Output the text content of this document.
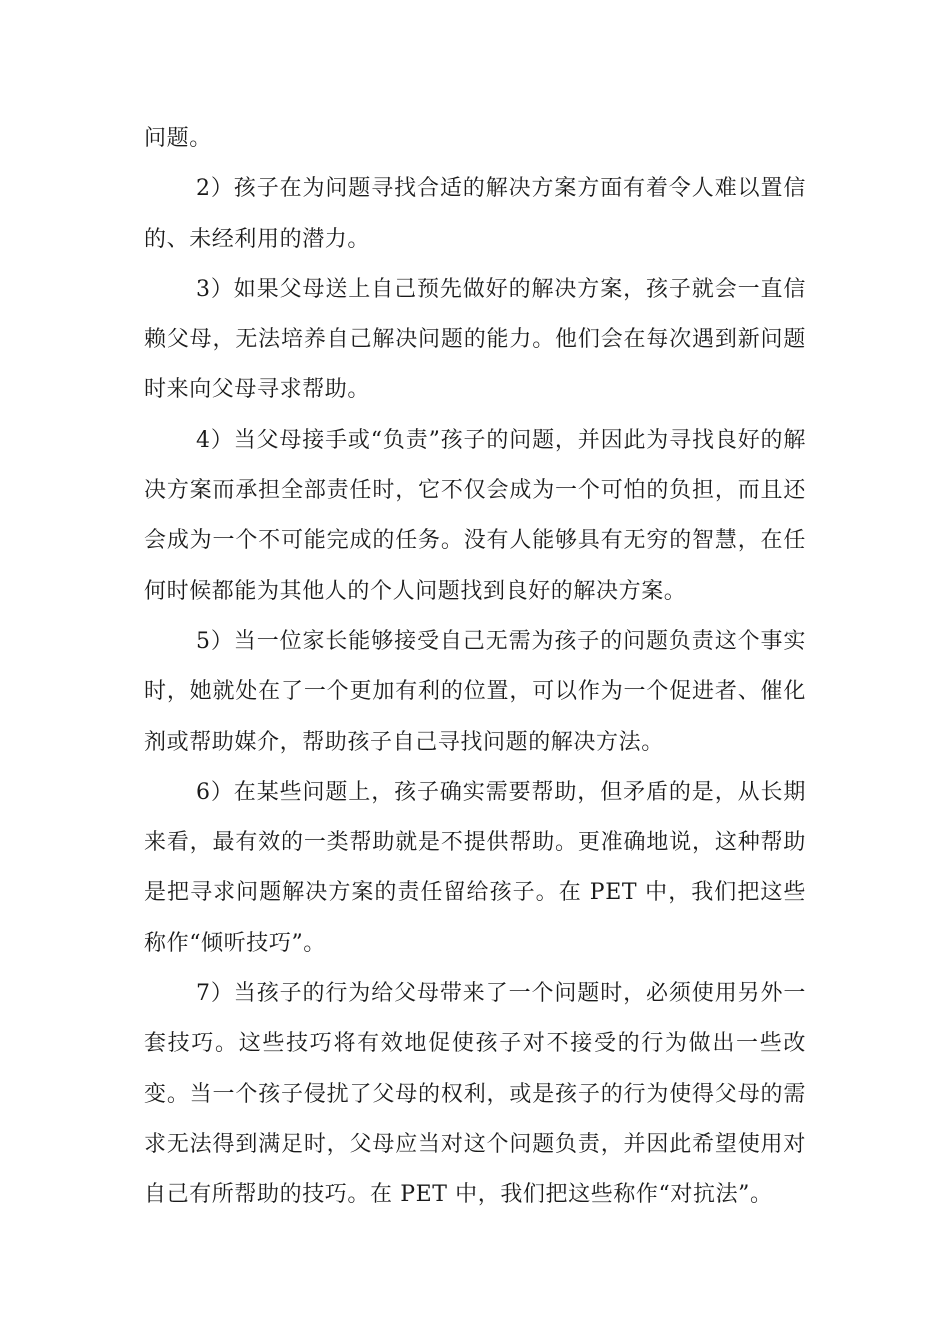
问题。

2）孩子在为问题寻找合适的解决方案方面有着令人难以置信的、未经利用的潜力。

3）如果父母送上自己预先做好的解决方案，孩子就会一直信赖父母，无法培养自己解决问题的能力。他们会在每次遇到新问题时来向父母寻求帮助。

4）当父母接手或“负责”孩子的问题，并因此为寻找良好的解决方案而承担全部责任时，它不仅会成为一个可怕的负担，而且还会成为一个不可能完成的任务。没有人能够具有无穷的智慧，在任何时候都能为其他人的个人问题找到良好的解决方案。

5）当一位家长能够接受自己无需为孩子的问题负责这个事实时，她就处在了一个更加有利的位置，可以作为一个促进者、催化剂或帮助媒介，帮助孩子自己寻找问题的解决方法。

6）在某些问题上，孩子确实需要帮助，但矛盾的是，从长期来看，最有效的一类帮助就是不提供帮助。更准确地说，这种帮助是把寻求问题解决方案的责任留给孩子。在 PET 中，我们把这些称作“倾听技巧”。

7）当孩子的行为给父母带来了一个问题时，必须使用另外一套技巧。这些技巧将有效地促使孩子对不接受的行为做出一些改变。当一个孩子侵扰了父母的权利，或是孩子的行为使得父母的需求无法得到满足时，父母应当对这个问题负责，并因此希望使用对自己有所帮助的技巧。在 PET 中，我们把这些称作“对抗法”。
